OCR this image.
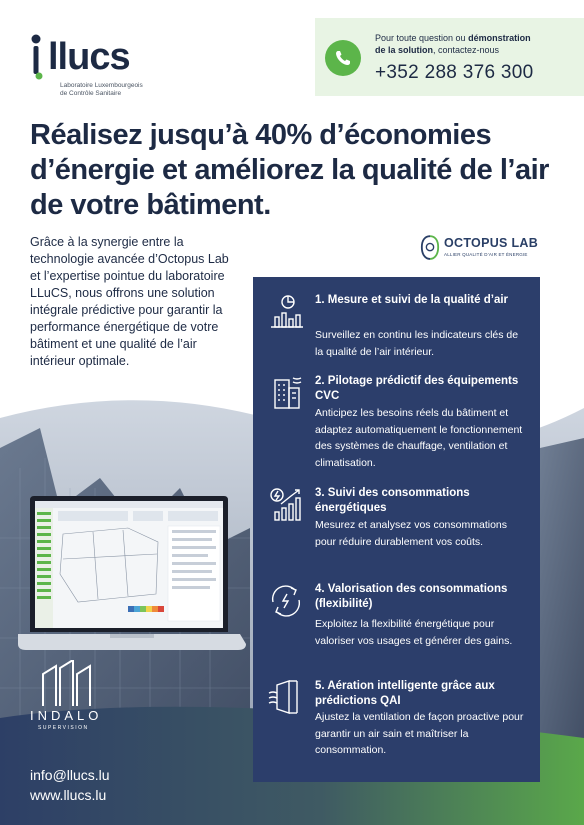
llucs
Laboratoire Luxembourgeois
de Contrôle Sanitaire
Pour toute question ou démonstration
de la solution, contactez-nous
+352 288 376 300
Réalisez jusqu’à 40% d’économies d’énergie et améliorez la qualité de l’air de votre bâtiment.

Grâce à la synergie entre la technologie avancée d’Octopus Lab et l’expertise pointue du laboratoire LLuCS, nous offrons une solution intégrale prédictive pour garantir la performance énergétique de votre bâtiment et une qualité de l’air intérieur optimale.

OCTOPUS LAB
ALLIER QUALITÉ D’AIR ET ÉNERGIE
INDALO
SUPERVISION
info@llucs.lu
www.llucs.lu
1. Mesure et suivi de la qualité d’air
Surveillez en continu les indicateurs clés de la qualité de l’air intérieur.
2. Pilotage prédictif des équipements CVC
Anticipez les besoins réels du bâtiment et adaptez automatiquement le fonctionnement des systèmes de chauffage, ventilation et climatisation.
3. Suivi des consommations énergétiques
Mesurez et analysez vos consommations pour réduire durablement vos coûts.
4. Valorisation des consommations (flexibilité)
Exploitez la flexibilité énergétique pour valoriser vos usages et générer des gains.
5. Aération intelligente grâce aux prédictions QAI
Ajustez la ventilation de façon proactive pour garantir un air sain et maîtriser la consommation.
